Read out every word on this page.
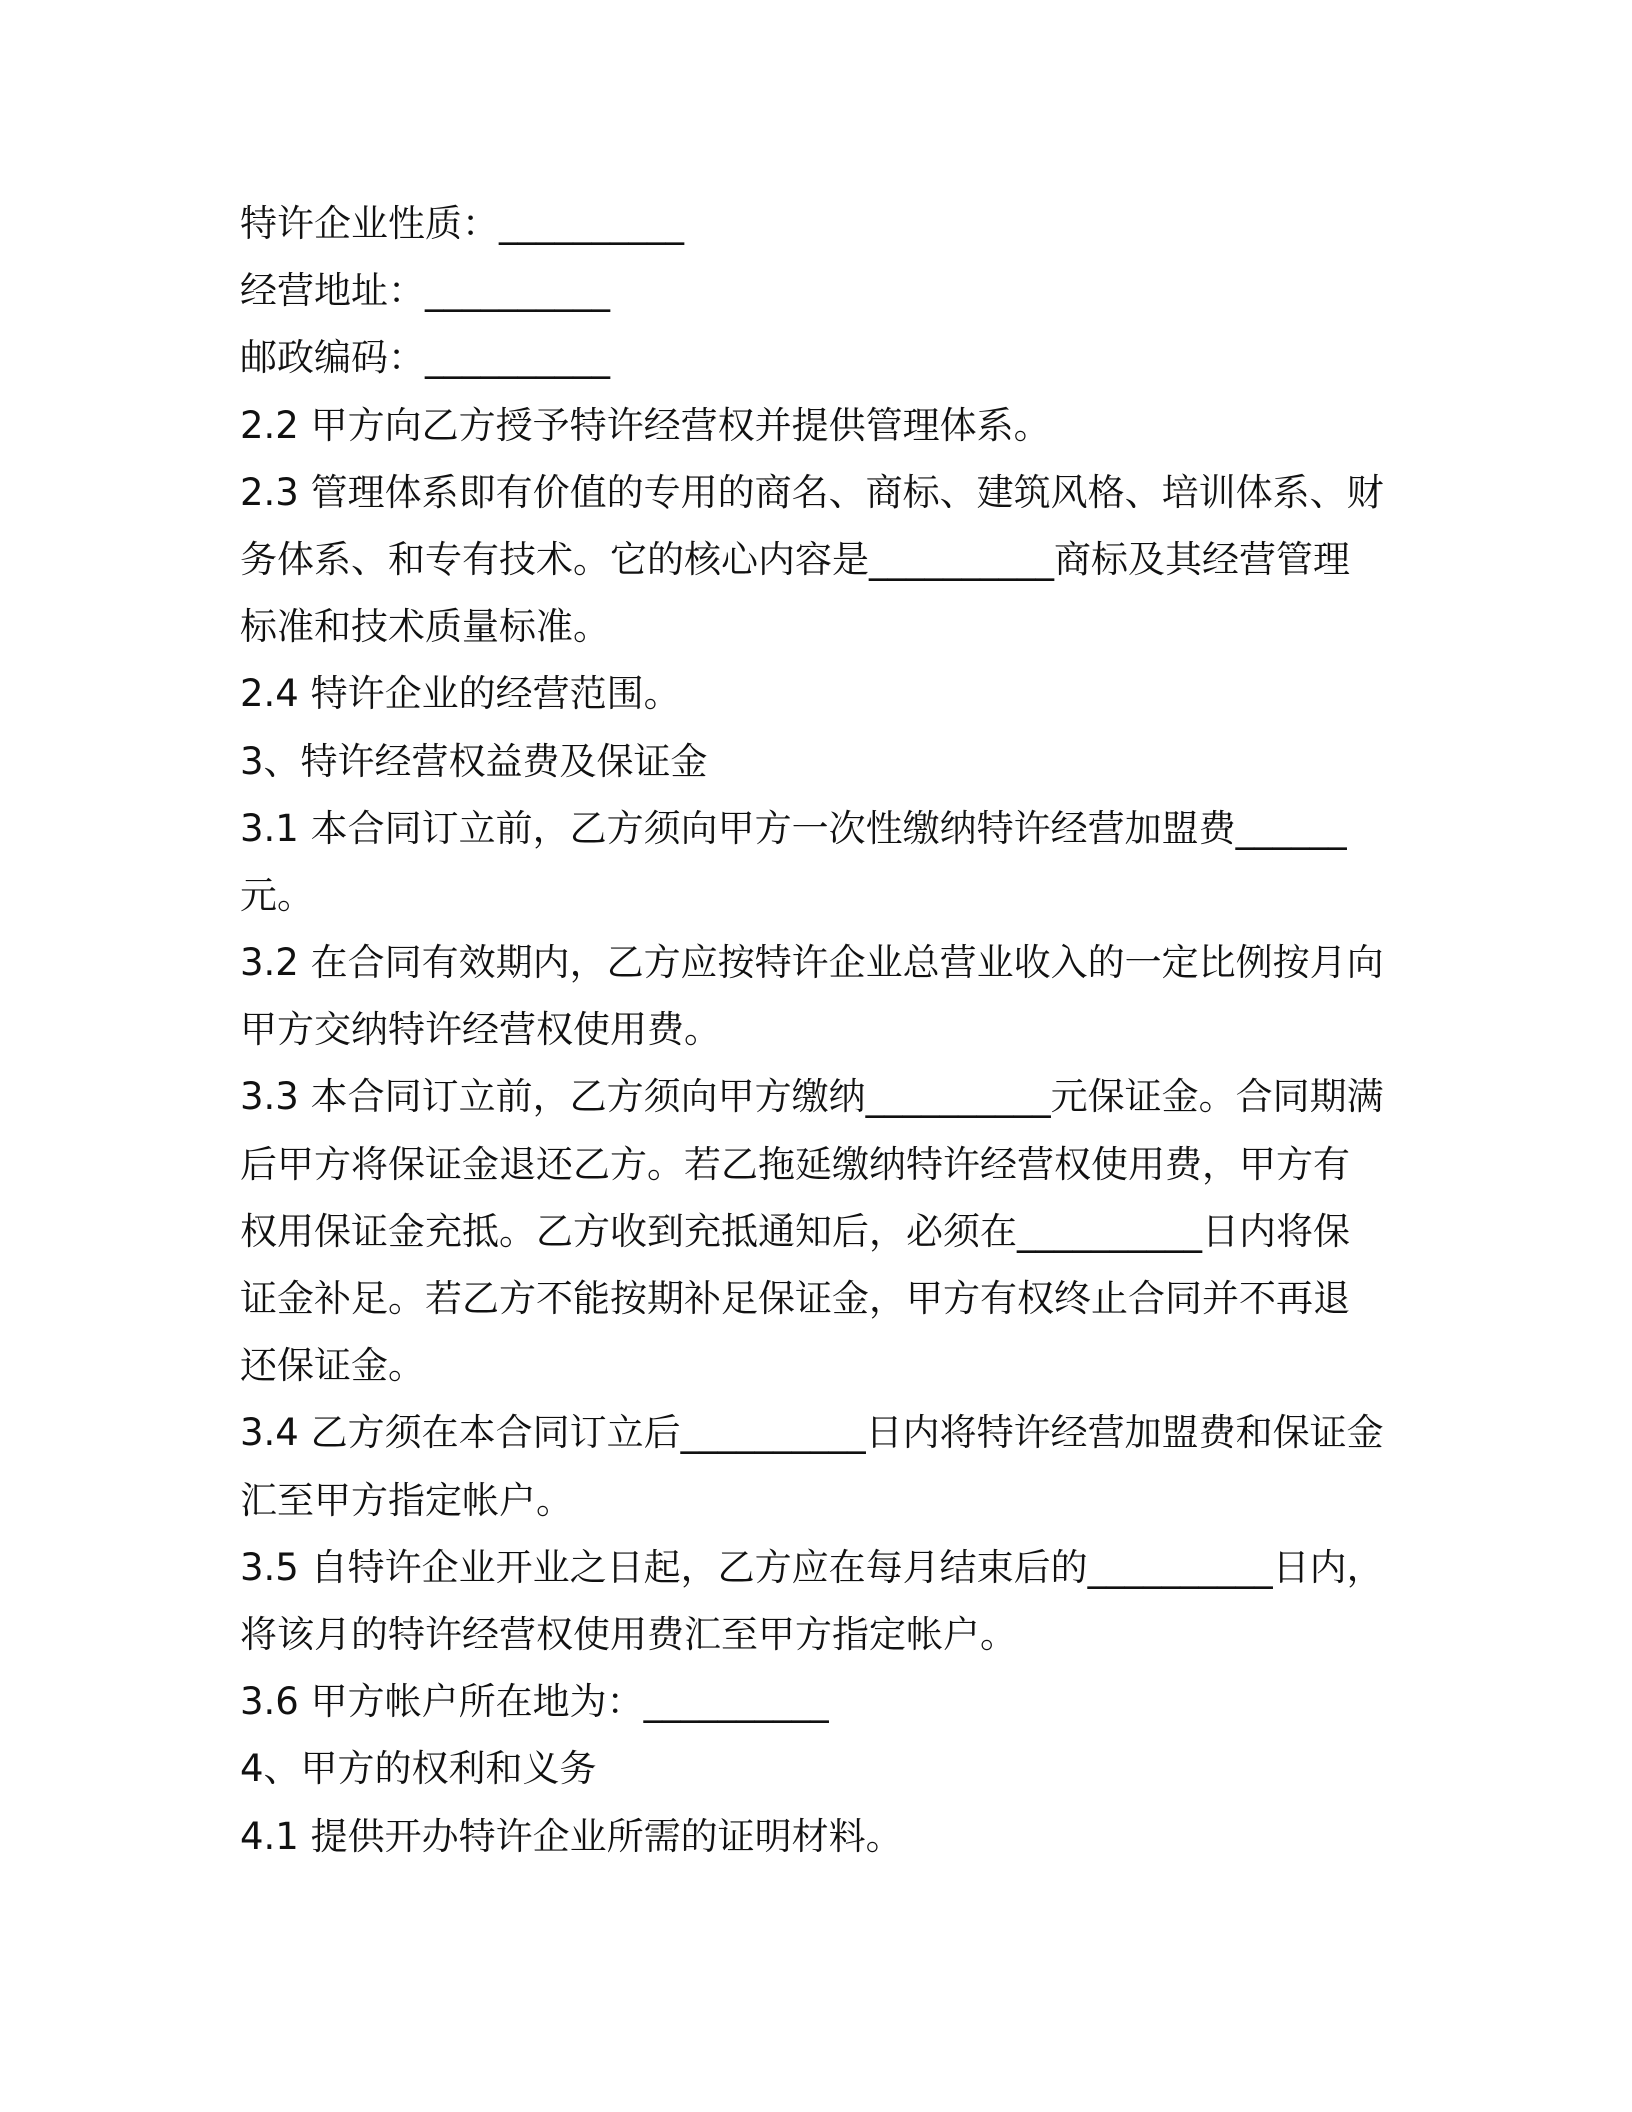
特许企业性质：__________

经营地址：__________

邮政编码：__________

2.2 甲方向乙方授予特许经营权并提供管理体系。

2.3 管理体系即有价值的专用的商名、商标、建筑风格、培训体系、财

务体系、和专有技术。它的核心内容是__________商标及其经营管理

标准和技术质量标准。

2.4 特许企业的经营范围。

3、特许经营权益费及保证金

3.1 本合同订立前，乙方须向甲方一次性缴纳特许经营加盟费______

元。

3.2 在合同有效期内，乙方应按特许企业总营业收入的一定比例按月向

甲方交纳特许经营权使用费。

3.3 本合同订立前，乙方须向甲方缴纳__________元保证金。合同期满

后甲方将保证金退还乙方。若乙拖延缴纳特许经营权使用费，甲方有

权用保证金充抵。乙方收到充抵通知后，必须在__________日内将保

证金补足。若乙方不能按期补足保证金，甲方有权终止合同并不再退

还保证金。

3.4 乙方须在本合同订立后__________日内将特许经营加盟费和保证金

汇至甲方指定帐户。

3.5 自特许企业开业之日起，乙方应在每月结束后的__________日内，

将该月的特许经营权使用费汇至甲方指定帐户。

3.6 甲方帐户所在地为：__________

4、甲方的权利和义务

4.1 提供开办特许企业所需的证明材料。
